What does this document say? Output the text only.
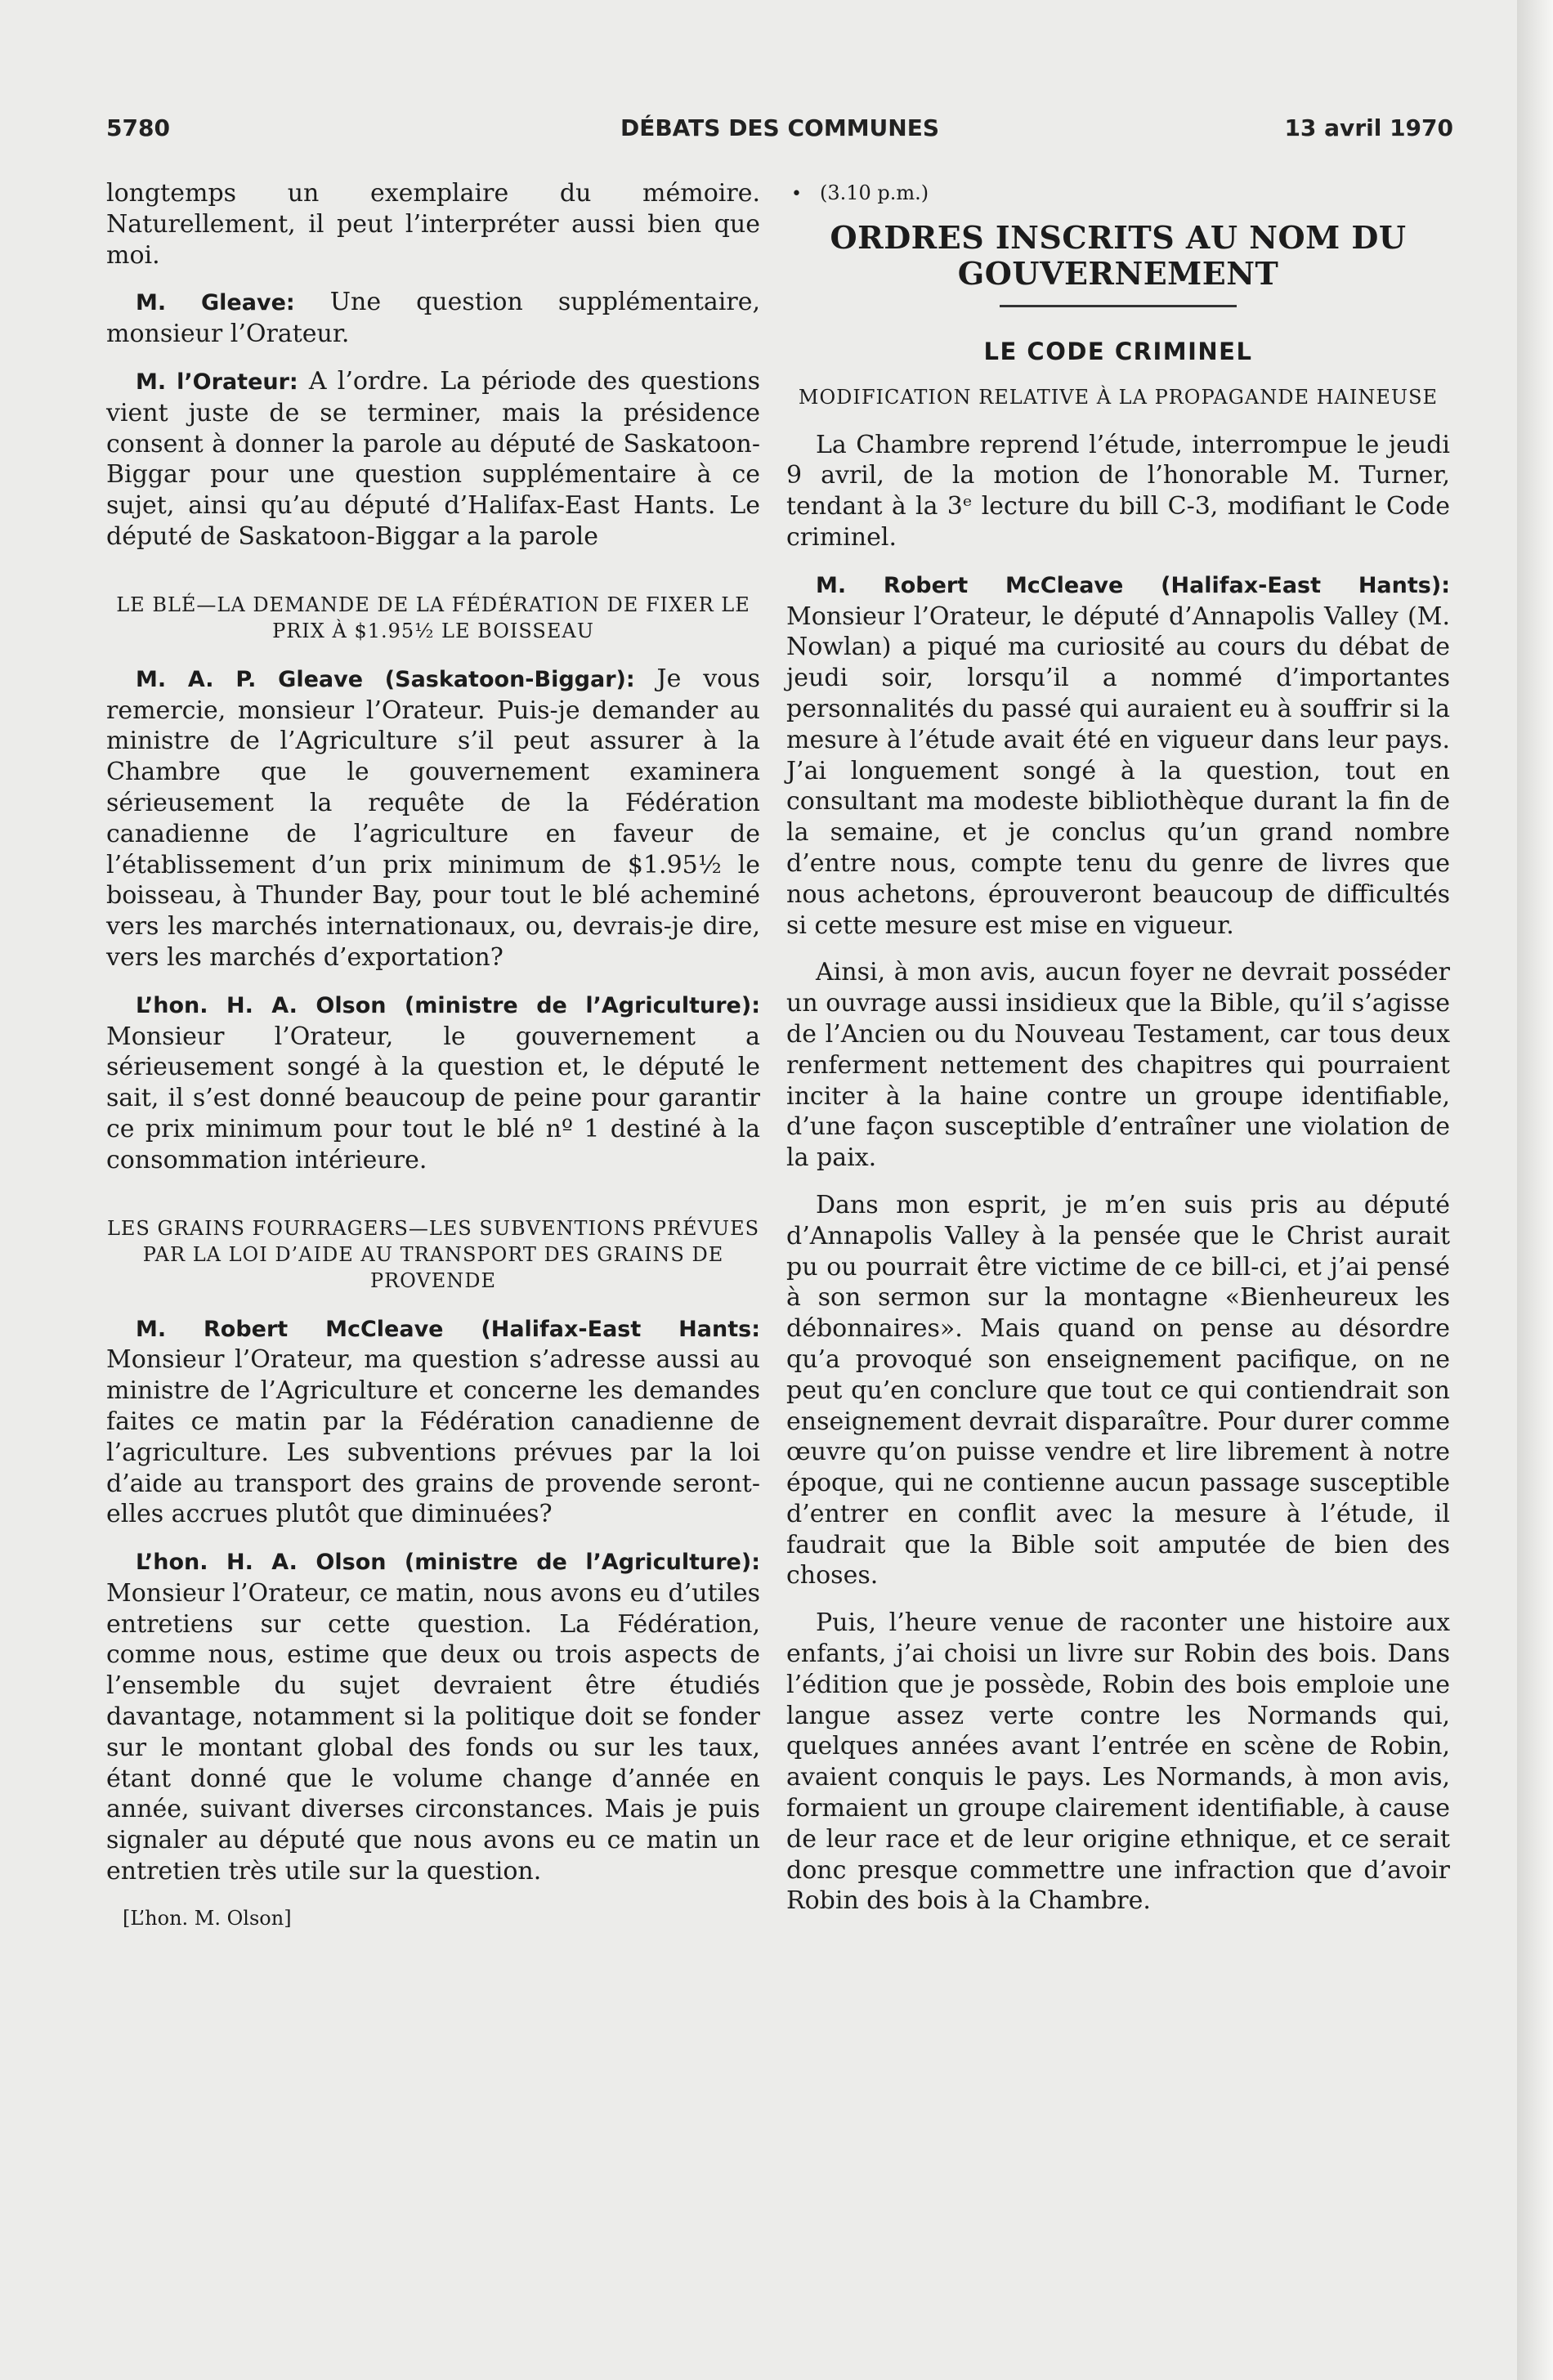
5780	DÉBATS DES COMMUNES	13 avril 1970

longtemps un exemplaire du mémoire. Naturellement, il peut l’interpréter aussi bien que moi.

M. Gleave: Une question supplémentaire, monsieur l’Orateur.

M. l’Orateur: A l’ordre. La période des questions vient juste de se terminer, mais la présidence consent à donner la parole au député de Saskatoon-Biggar pour une question supplémentaire à ce sujet, ainsi qu’au député d’Halifax-East Hants. Le député de Saskatoon-Biggar a la parole

LE BLÉ—LA DEMANDE DE LA FÉDÉRATION DE FIXER LE PRIX À $1.95½ LE BOISSEAU

M. A. P. Gleave (Saskatoon-Biggar): Je vous remercie, monsieur l’Orateur. Puis-je demander au ministre de l’Agriculture s’il peut assurer à la Chambre que le gouvernement examinera sérieusement la requête de la Fédération canadienne de l’agriculture en faveur de l’établissement d’un prix minimum de $1.95½ le boisseau, à Thunder Bay, pour tout le blé acheminé vers les marchés internationaux, ou, devrais-je dire, vers les marchés d’exportation?

L’hon. H. A. Olson (ministre de l’Agriculture): Monsieur l’Orateur, le gouvernement a sérieusement songé à la question et, le député le sait, il s’est donné beaucoup de peine pour garantir ce prix minimum pour tout le blé nº 1 destiné à la consommation intérieure.

LES GRAINS FOURRAGERS—LES SUBVENTIONS PRÉVUES PAR LA LOI D’AIDE AU TRANSPORT DES GRAINS DE PROVENDE

M. Robert McCleave (Halifax-East Hants: Monsieur l’Orateur, ma question s’adresse aussi au ministre de l’Agriculture et concerne les demandes faites ce matin par la Fédération canadienne de l’agriculture. Les subventions prévues par la loi d’aide au transport des grains de provende seront-elles accrues plutôt que diminuées?

L’hon. H. A. Olson (ministre de l’Agriculture): Monsieur l’Orateur, ce matin, nous avons eu d’utiles entretiens sur cette question. La Fédération, comme nous, estime que deux ou trois aspects de l’ensemble du sujet devraient être étudiés davantage, notamment si la politique doit se fonder sur le montant global des fonds ou sur les taux, étant donné que le volume change d’année en année, suivant diverses circonstances. Mais je puis signaler au député que nous avons eu ce matin un entretien très utile sur la question.

[L’hon. M. Olson]
• (3.10 p.m.)
ORDRES INSCRITS AU NOM DU GOUVERNEMENT
LE CODE CRIMINEL
MODIFICATION RELATIVE À LA PROPAGANDE HAINEUSE

La Chambre reprend l’étude, interrompue le jeudi 9 avril, de la motion de l’honorable M. Turner, tendant à la 3ᵉ lecture du bill C-3, modifiant le Code criminel.

M. Robert McCleave (Halifax-East Hants): Monsieur l’Orateur, le député d’Annapolis Valley (M. Nowlan) a piqué ma curiosité au cours du débat de jeudi soir, lorsqu’il a nommé d’importantes personnalités du passé qui auraient eu à souffrir si la mesure à l’étude avait été en vigueur dans leur pays. J’ai longuement songé à la question, tout en consultant ma modeste bibliothèque durant la fin de la semaine, et je conclus qu’un grand nombre d’entre nous, compte tenu du genre de livres que nous achetons, éprouveront beaucoup de difficultés si cette mesure est mise en vigueur.

Ainsi, à mon avis, aucun foyer ne devrait posséder un ouvrage aussi insidieux que la Bible, qu’il s’agisse de l’Ancien ou du Nouveau Testament, car tous deux renferment nettement des chapitres qui pourraient inciter à la haine contre un groupe identifiable, d’une façon susceptible d’entraîner une violation de la paix.

Dans mon esprit, je m’en suis pris au député d’Annapolis Valley à la pensée que le Christ aurait pu ou pourrait être victime de ce bill-ci, et j’ai pensé à son sermon sur la montagne «Bienheureux les débonnaires». Mais quand on pense au désordre qu’a provoqué son enseignement pacifique, on ne peut qu’en conclure que tout ce qui contiendrait son enseignement devrait disparaître. Pour durer comme œuvre qu’on puisse vendre et lire librement à notre époque, qui ne contienne aucun passage susceptible d’entrer en conflit avec la mesure à l’étude, il faudrait que la Bible soit amputée de bien des choses.

Puis, l’heure venue de raconter une histoire aux enfants, j’ai choisi un livre sur Robin des bois. Dans l’édition que je possède, Robin des bois emploie une langue assez verte contre les Normands qui, quelques années avant l’entrée en scène de Robin, avaient conquis le pays. Les Normands, à mon avis, formaient un groupe clairement identifiable, à cause de leur race et de leur origine ethnique, et ce serait donc presque commettre une infraction que d’avoir Robin des bois à la Chambre.
